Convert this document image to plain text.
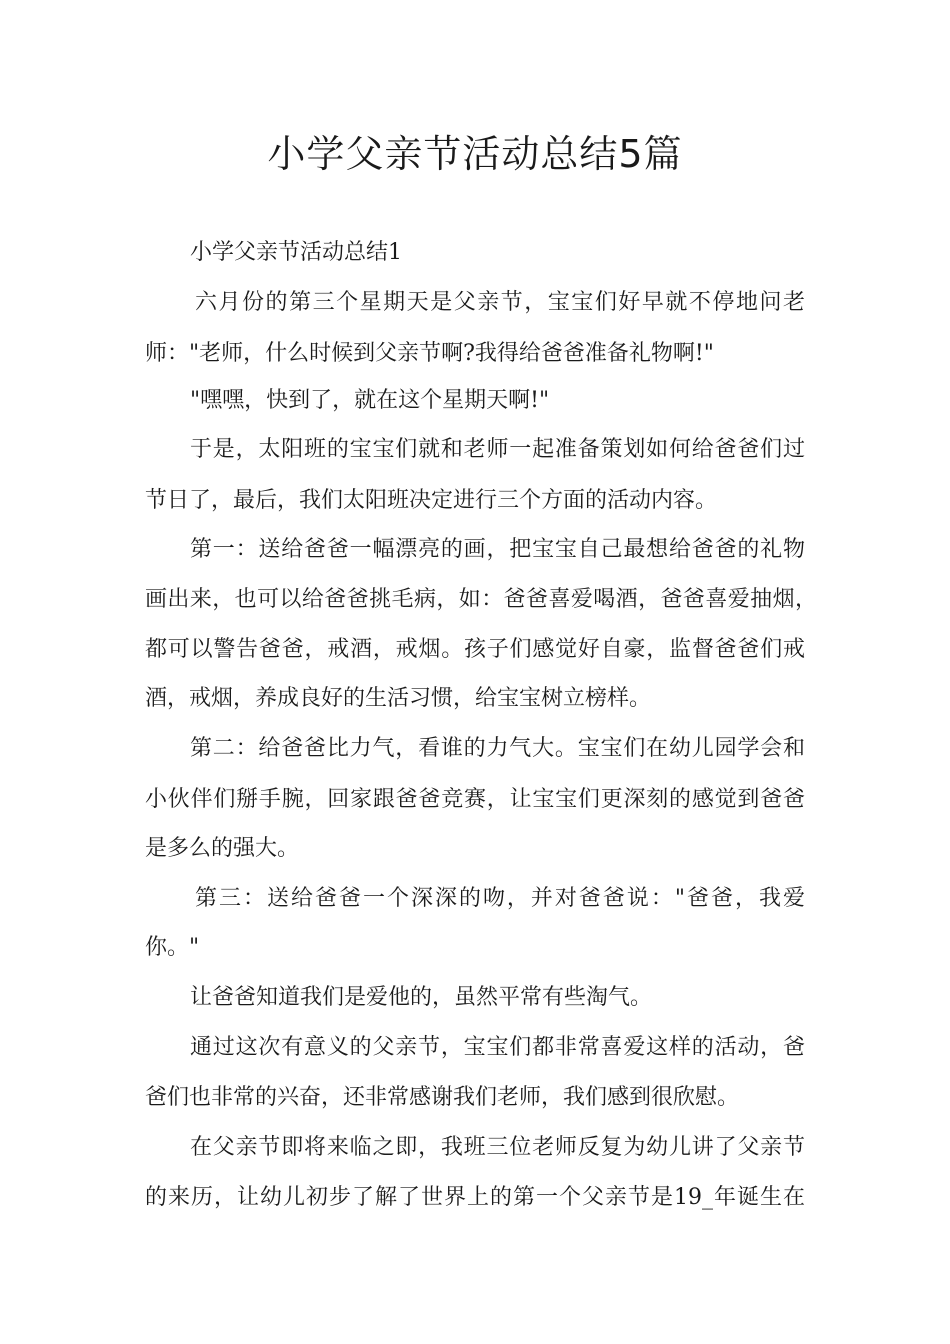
小学父亲节活动总结5篇

小学父亲节活动总结1

六月份的第三个星期天是父亲节，宝宝们好早就不停地问老

师："老师，什么时候到父亲节啊?我得给爸爸准备礼物啊!"

"嘿嘿，快到了，就在这个星期天啊!"

于是，太阳班的宝宝们就和老师一起准备策划如何给爸爸们过

节日了，最后，我们太阳班决定进行三个方面的活动内容。

第一：送给爸爸一幅漂亮的画，把宝宝自己最想给爸爸的礼物

画出来，也可以给爸爸挑毛病，如：爸爸喜爱喝酒，爸爸喜爱抽烟，

都可以警告爸爸，戒酒，戒烟。孩子们感觉好自豪，监督爸爸们戒

酒，戒烟，养成良好的生活习惯，给宝宝树立榜样。

第二：给爸爸比力气，看谁的力气大。宝宝们在幼儿园学会和

小伙伴们掰手腕，回家跟爸爸竞赛，让宝宝们更深刻的感觉到爸爸

是多么的强大。

第三：送给爸爸一个深深的吻，并对爸爸说："爸爸，我爱

你。"

让爸爸知道我们是爱他的，虽然平常有些淘气。

通过这次有意义的父亲节，宝宝们都非常喜爱这样的活动，爸

爸们也非常的兴奋，还非常感谢我们老师，我们感到很欣慰。

在父亲节即将来临之即，我班三位老师反复为幼儿讲了父亲节

的来历，让幼儿初步了解了世界上的第一个父亲节是19_年诞生在
